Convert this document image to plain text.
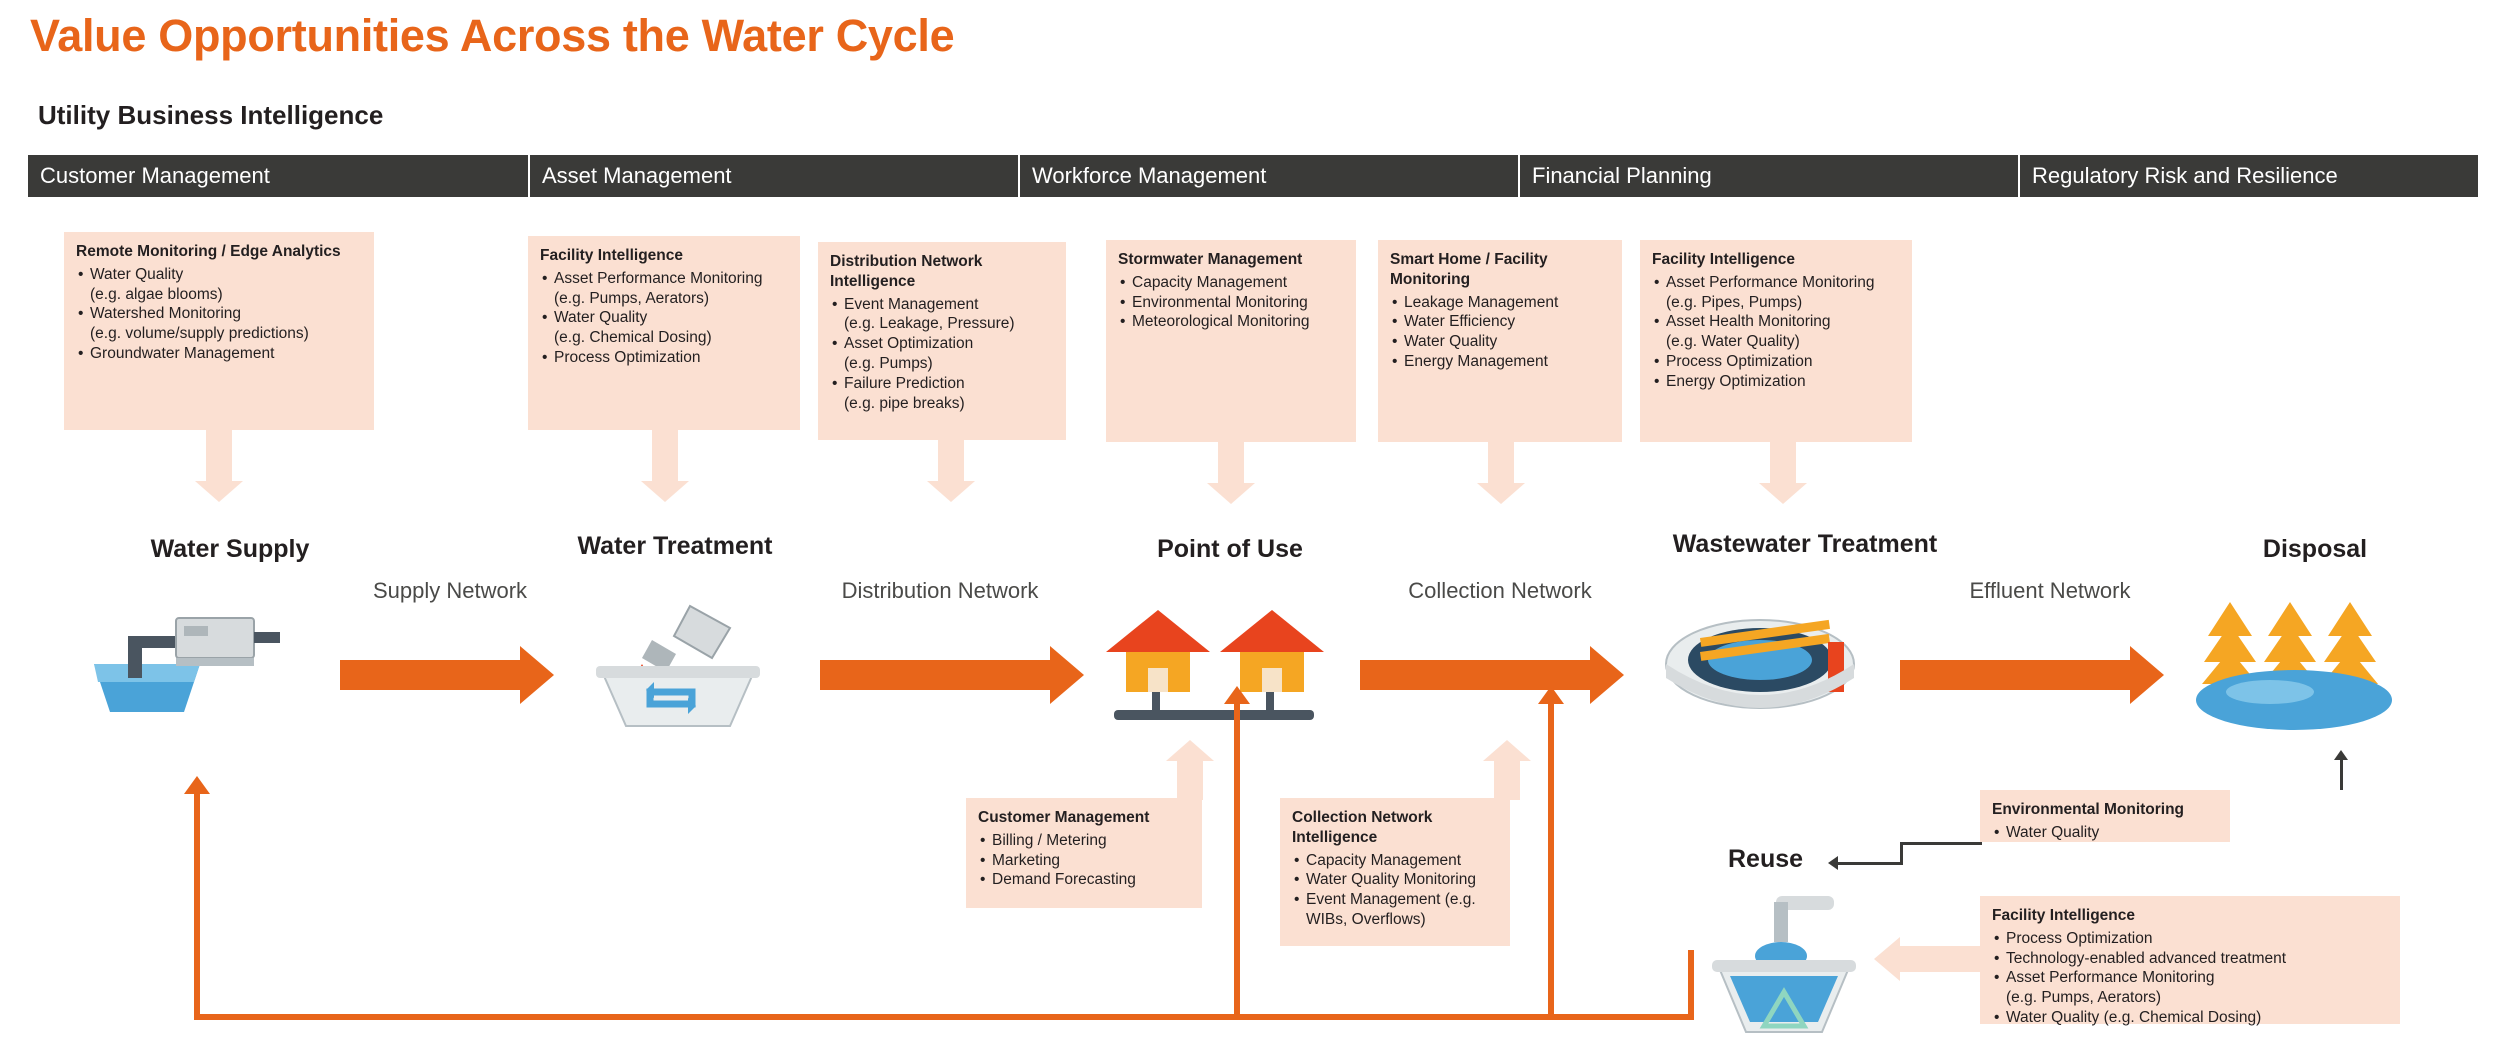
Value Opportunities Across the Water Cycle
Utility Business Intelligence
Customer Management	Asset Management	Workforce Management	Financial Planning	Regulatory Risk and Resilience
Remote Monitoring / Edge Analytics
• Water Quality
(e.g. algae blooms)
• Watershed Monitoring
(e.g. volume/supply predictions)
• Groundwater Management
Facility Intelligence
• Asset Performance Monitoring
(e.g. Pumps, Aerators)
• Water Quality
(e.g. Chemical Dosing)
• Process Optimization
Distribution Network Intelligence
• Event Management
(e.g. Leakage, Pressure)
• Asset Optimization
(e.g. Pumps)
• Failure Prediction
(e.g. pipe breaks)
Stormwater Management
• Capacity Management
• Environmental Monitoring
• Meteorological Monitoring
Smart Home / Facility Monitoring
• Leakage Management
• Water Efficiency
• Water Quality
• Energy Management
Facility Intelligence
• Asset Performance Monitoring
(e.g. Pipes, Pumps)
• Asset Health Monitoring
(e.g. Water Quality)
• Process Optimization
• Energy Optimization
Water Supply	Water Treatment	Point of Use	Wastewater Treatment	Disposal
Reuse
Supply Network	Distribution Network	Collection Network	Effluent Network
Customer Management
• Billing / Metering
• Marketing
• Demand Forecasting
Collection Network Intelligence
• Capacity Management
• Water Quality Monitoring
• Event Management (e.g. WIBs, Overflows)
Environmental Monitoring
• Water Quality
Facility Intelligence
• Process Optimization
• Technology-enabled advanced treatment
• Asset Performance Monitoring
(e.g. Pumps, Aerators)
• Water Quality (e.g. Chemical Dosing)
